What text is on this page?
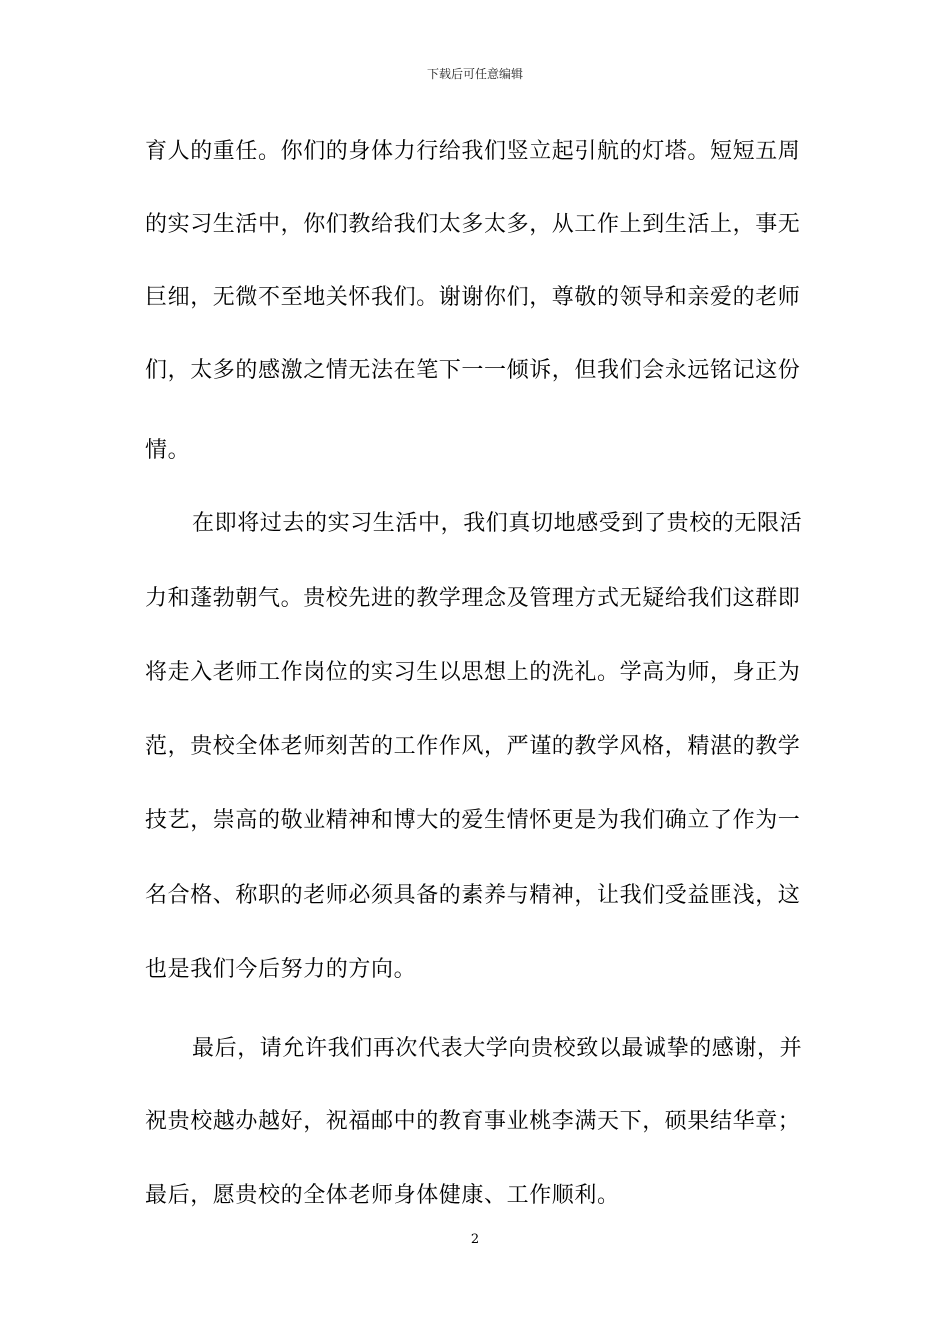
下载后可任意编辑
育人的重任。你们的身体力行给我们竖立起引航的灯塔。短短五周
的实习生活中，你们教给我们太多太多，从工作上到生活上，事无
巨细，无微不至地关怀我们。谢谢你们，尊敬的领导和亲爱的老师
们，太多的感激之情无法在笔下一一倾诉，但我们会永远铭记这份
情。
在即将过去的实习生活中，我们真切地感受到了贵校的无限活
力和蓬勃朝气。贵校先进的教学理念及管理方式无疑给我们这群即
将走入老师工作岗位的实习生以思想上的洗礼。学高为师，身正为
范，贵校全体老师刻苦的工作作风，严谨的教学风格，精湛的教学
技艺，崇高的敬业精神和博大的爱生情怀更是为我们确立了作为一
名合格、称职的老师必须具备的素养与精神，让我们受益匪浅，这
也是我们今后努力的方向。
最后，请允许我们再次代表大学向贵校致以最诚挚的感谢，并
祝贵校越办越好，祝福邮中的教育事业桃李满天下，硕果结华章；
最后，愿贵校的全体老师身体健康、工作顺利。
2
